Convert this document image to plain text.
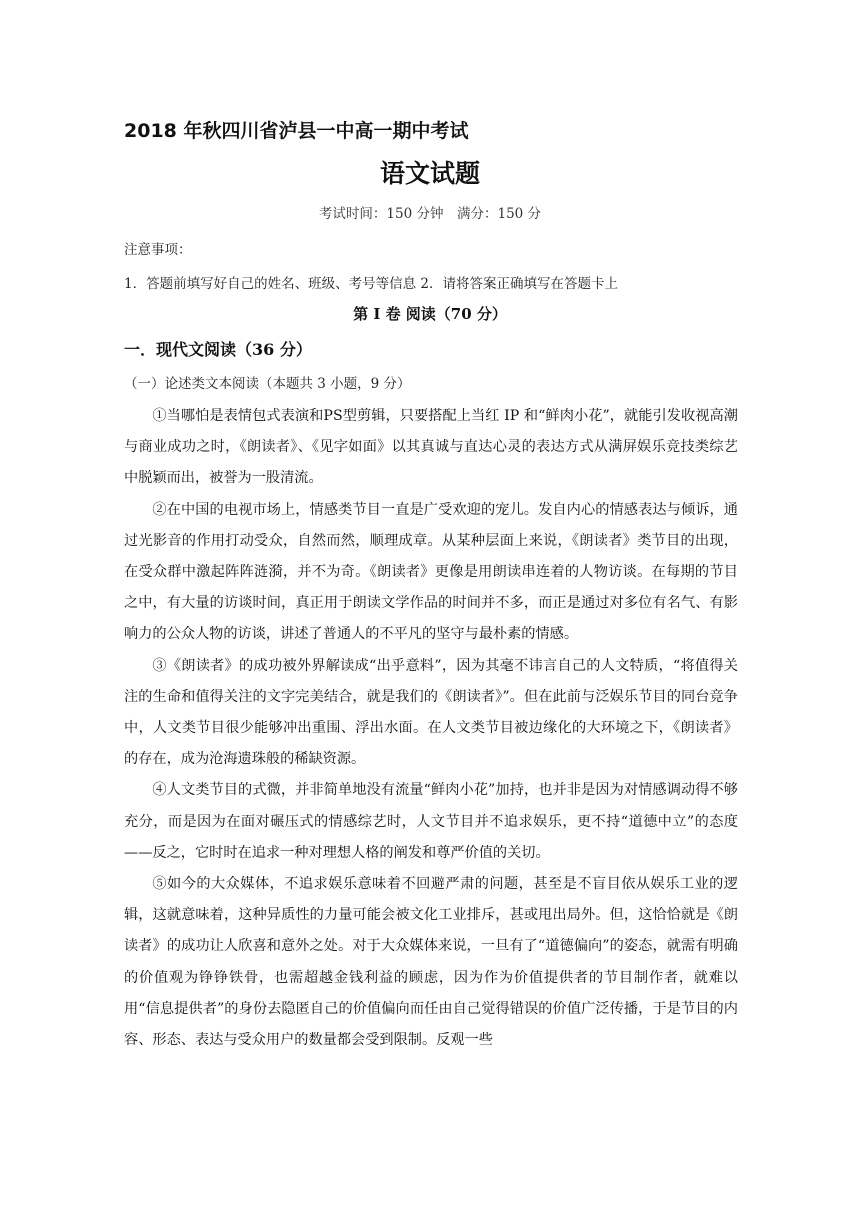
2018 年秋四川省泸县一中高一期中考试
语文试题
考试时间：150 分钟　满分：150 分
注意事项：
1．答题前填写好自己的姓名、班级、考号等信息 2．请将答案正确填写在答题卡上
第 I 卷 阅读（70 分）
一．现代文阅读（36 分）
（一）论述类文本阅读（本题共 3 小题，9 分）

①当哪怕是表情包式表演和PS型剪辑，只要搭配上当红 IP 和“鲜肉小花”，就能引发收视高潮与商业成功之时，《朗读者》、《见字如面》以其真诚与直达心灵的表达方式从满屏娱乐竞技类综艺中脱颖而出，被誉为一股清流。

②在中国的电视市场上，情感类节目一直是广受欢迎的宠儿。发自内心的情感表达与倾诉，通过光影音的作用打动受众，自然而然，顺理成章。从某种层面上来说，《朗读者》类节目的出现，在受众群中激起阵阵涟漪，并不为奇。《朗读者》更像是用朗读串连着的人物访谈。在每期的节目之中，有大量的访谈时间，真正用于朗读文学作品的时间并不多，而正是通过对多位有名气、有影响力的公众人物的访谈，讲述了普通人的不平凡的坚守与最朴素的情感。

③《朗读者》的成功被外界解读成“出乎意料”，因为其毫不讳言自己的人文特质，“将值得关注的生命和值得关注的文字完美结合，就是我们的《朗读者》”。但在此前与泛娱乐节目的同台竞争中，人文类节目很少能够冲出重围、浮出水面。在人文类节目被边缘化的大环境之下，《朗读者》的存在，成为沧海遗珠般的稀缺资源。

④人文类节目的式微，并非简单地没有流量“鲜肉小花”加持，也并非是因为对情感调动得不够充分，而是因为在面对碾压式的情感综艺时，人文节目并不追求娱乐，更不持“道德中立”的态度——反之，它时时在追求一种对理想人格的阐发和尊严价值的关切。

⑤如今的大众媒体，不追求娱乐意味着不回避严肃的问题，甚至是不盲目依从娱乐工业的逻辑，这就意味着，这种异质性的力量可能会被文化工业排斥，甚或甩出局外。但，这恰恰就是《朗读者》的成功让人欣喜和意外之处。对于大众媒体来说，一旦有了“道德偏向”的姿态，就需有明确的价值观为铮铮铁骨，也需超越金钱利益的顾虑，因为作为价值提供者的节目制作者，就难以用“信息提供者”的身份去隐匿自己的价值偏向而任由自己觉得错误的价值广泛传播，于是节目的内容、形态、表达与受众用户的数量都会受到限制。反观一些
